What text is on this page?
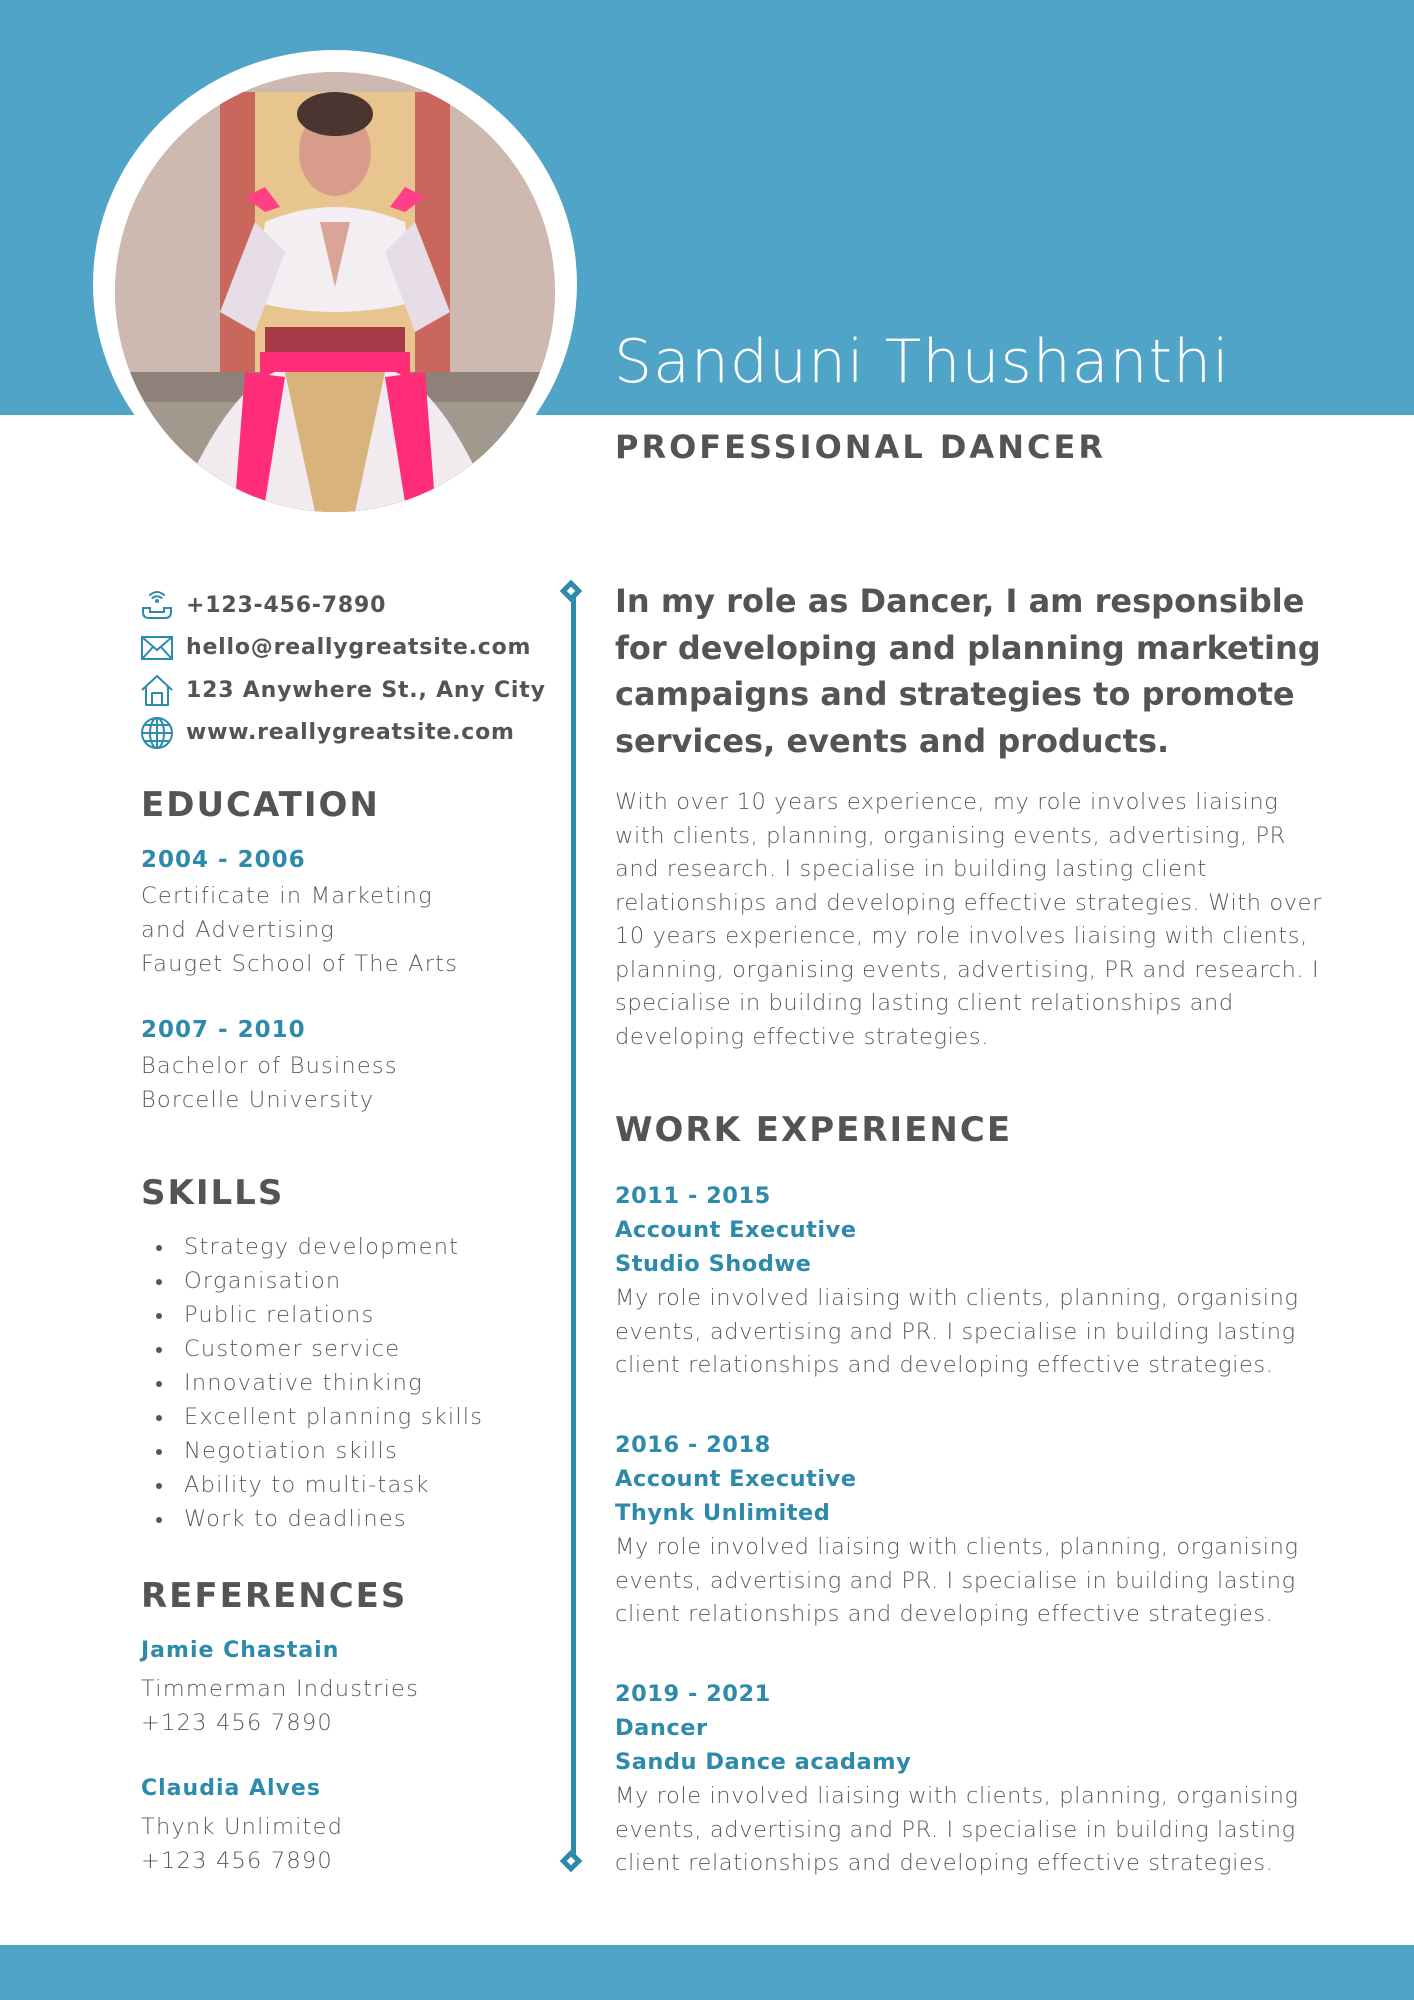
Sanduni Thushanthi
PROFESSIONAL DANCER
+123-456-7890
hello@reallygreatsite.com
123 Anywhere St., Any City
www.reallygreatsite.com
EDUCATION
2004 - 2006
Certificate in Marketing
and Advertising
Fauget School of The Arts
2007 - 2010
Bachelor of Business
Borcelle University
SKILLS
Strategy development
Organisation
Public relations
Customer service
Innovative thinking
Excellent planning skills
Negotiation skills
Ability to multi-task
Work to deadlines
REFERENCES
Jamie Chastain
Timmerman Industries
+123 456 7890
Claudia Alves
Thynk Unlimited
+123 456 7890
In my role as Dancer, I am responsible for developing and planning marketing campaigns and strategies to promote services, events and products.
With over 10 years experience, my role involves liaising with clients, planning, organising events, advertising, PR and research. I specialise in building lasting client relationships and developing effective strategies. With over 10 years experience, my role involves liaising with clients, planning, organising events, advertising, PR and research. I specialise in building lasting client relationships and developing effective strategies.
WORK EXPERIENCE
2011 - 2015
Account Executive
Studio Shodwe
My role involved liaising with clients, planning, organising events, advertising and PR. I specialise in building lasting client relationships and developing effective strategies.
2016 - 2018
Account Executive
Thynk Unlimited
My role involved liaising with clients, planning, organising events, advertising and PR. I specialise in building lasting client relationships and developing effective strategies.
2019 - 2021
Dancer
Sandu Dance acadamy
My role involved liaising with clients, planning, organising events, advertising and PR. I specialise in building lasting client relationships and developing effective strategies.
